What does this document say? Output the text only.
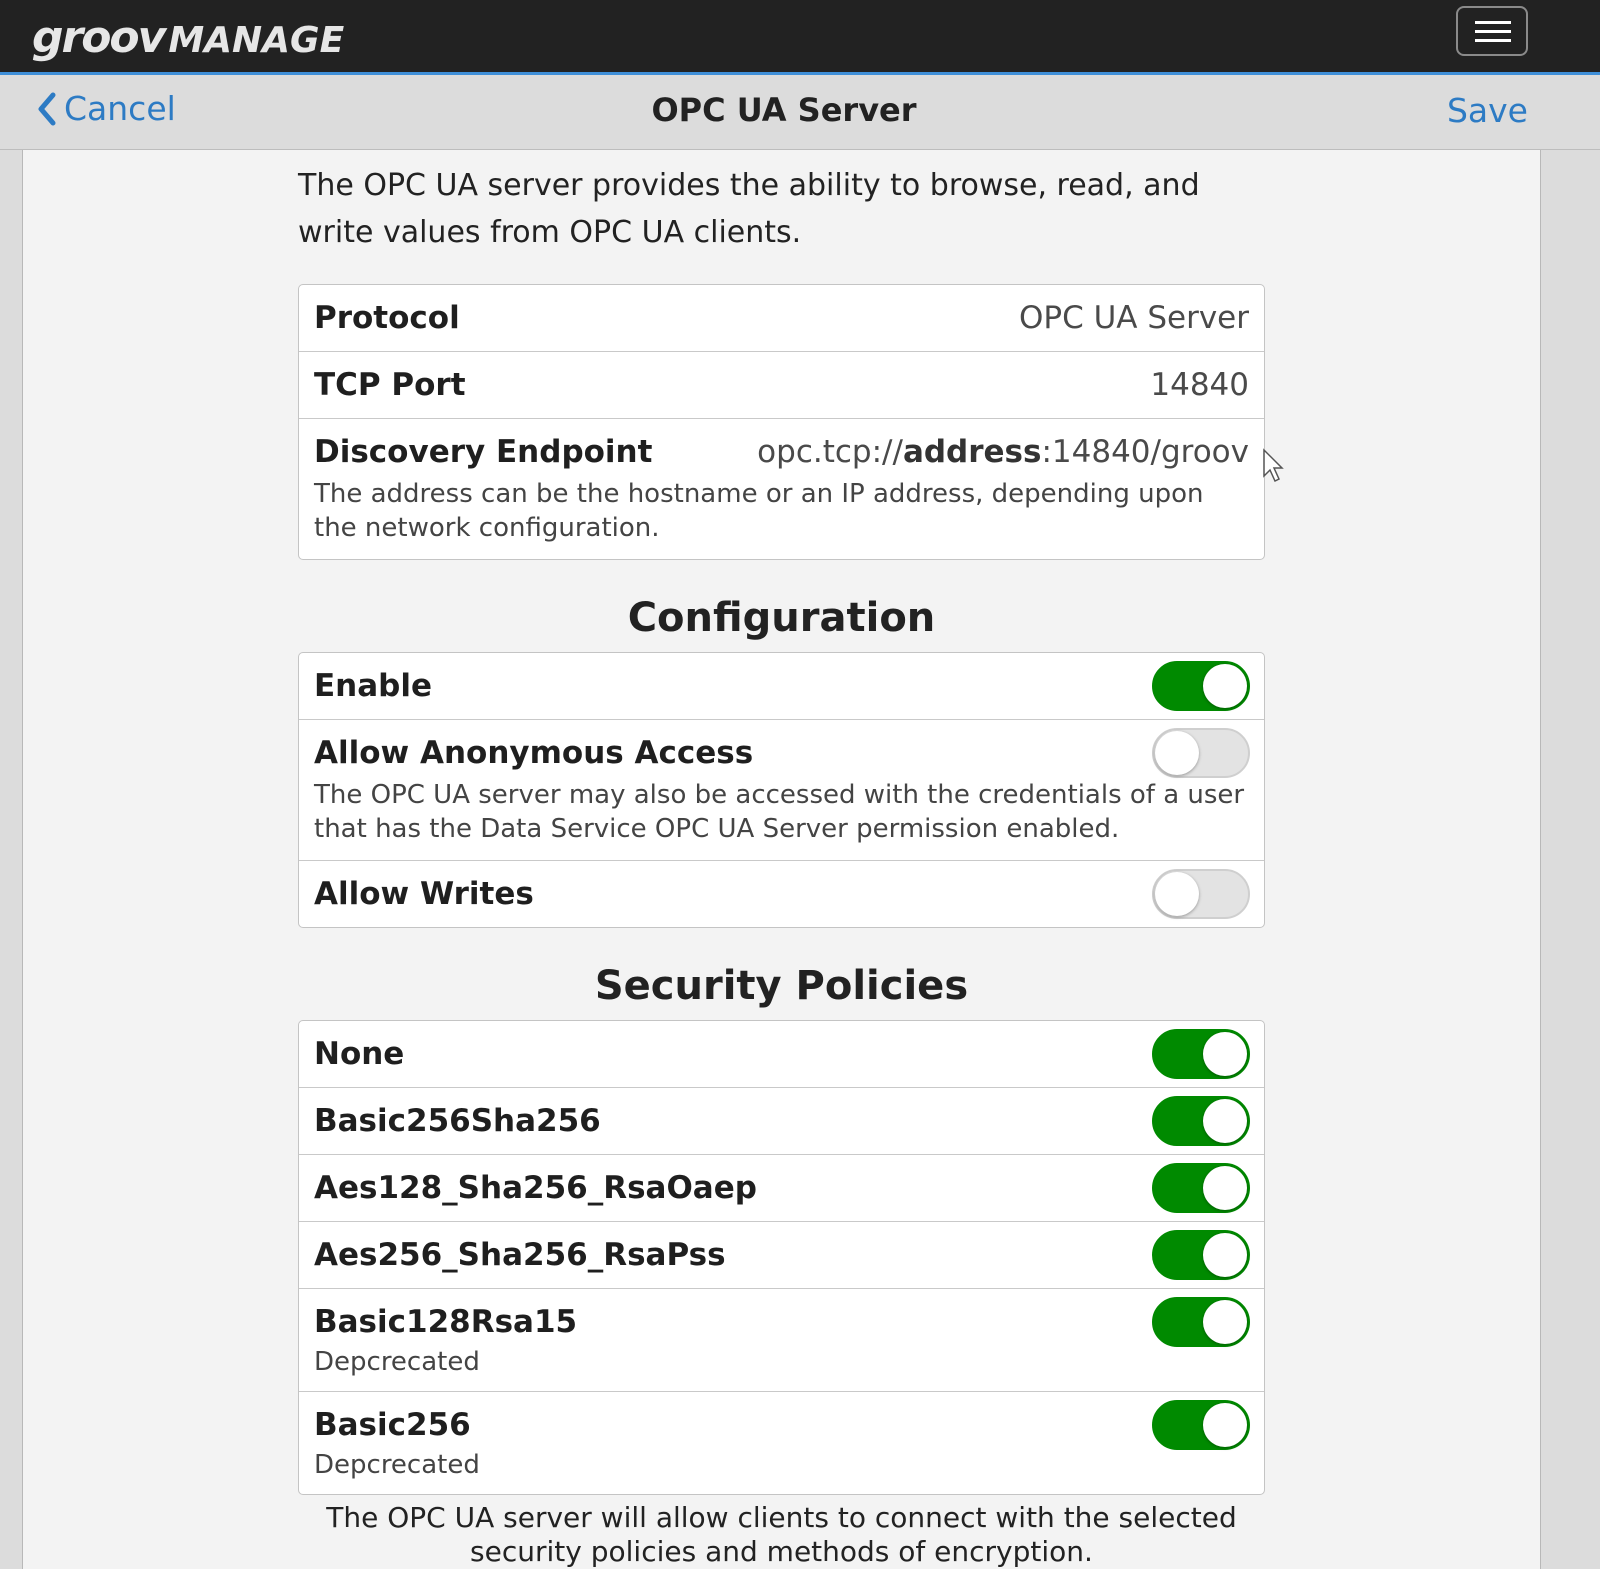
groov MANAGE
Cancel	OPC UA Server	Save

The OPC UA server provides the ability to browse, read, and write values from OPC UA clients.

Protocol	OPC UA Server
TCP Port	14840
Discovery Endpoint	opc.tcp://address:14840/groov
The address can be the hostname or an IP address, depending upon the network configuration.
Configuration
Enable
Allow Anonymous Access
The OPC UA server may also be accessed with the credentials of a user that has the Data Service OPC UA Server permission enabled.
Allow Writes
Security Policies
None
Basic256Sha256
Aes128_Sha256_RsaOaep
Aes256_Sha256_RsaPss
Basic128Rsa15
Depcrecated
Basic256
Depcrecated
The OPC UA server will allow clients to connect with the selected security policies and methods of encryption.
